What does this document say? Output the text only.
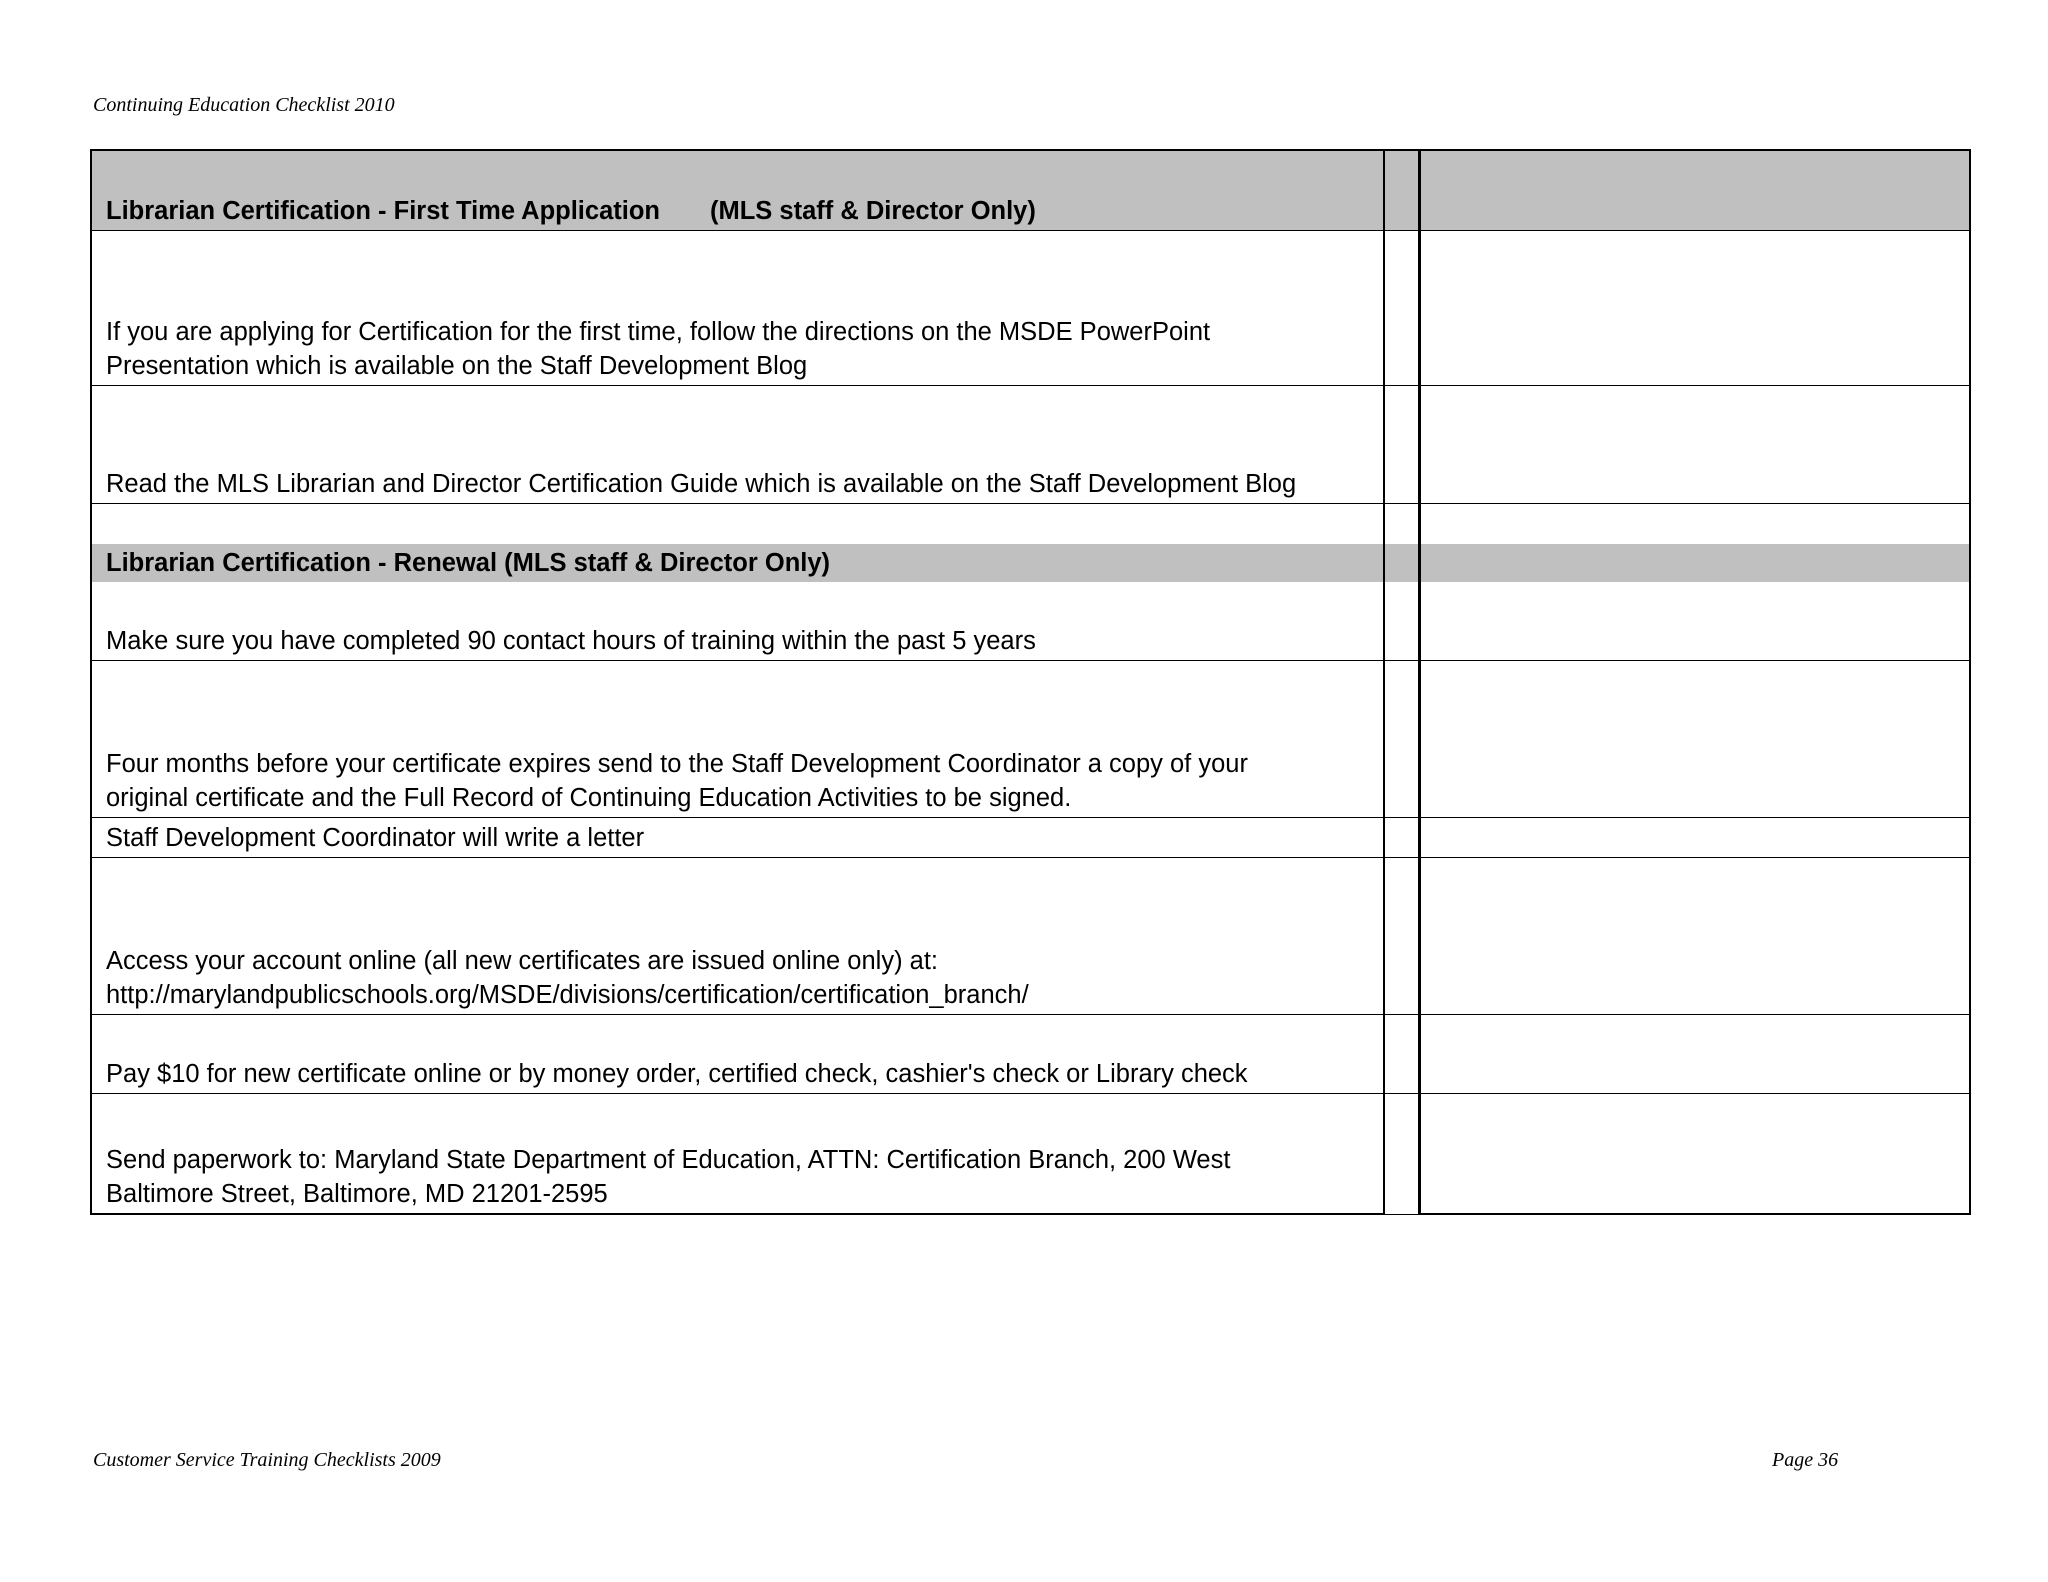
Continuing Education Checklist 2010
Librarian Certification - First Time Application (MLS staff & Director Only)
If you are applying for Certification for the first time, follow the directions on the MSDE PowerPoint
Presentation which is available on the Staff Development Blog
Read the MLS Librarian and Director Certification Guide which is available on the Staff Development Blog
Librarian Certification - Renewal (MLS staff & Director Only)
Make sure you have completed 90 contact hours of training within the past 5 years
Four months before your certificate expires send to the Staff Development Coordinator a copy of your
original certificate and the Full Record of Continuing Education Activities to be signed.
Staff Development Coordinator will write a letter
Access your account online (all new certificates are issued online only) at:
http://marylandpublicschools.org/MSDE/divisions/certification/certification_branch/
Pay $10 for new certificate online or by money order, certified check, cashier's check or Library check
Send paperwork to: Maryland State Department of Education, ATTN: Certification Branch, 200 West
Baltimore Street, Baltimore, MD 21201-2595
Customer Service Training Checklists 2009	Page 36
